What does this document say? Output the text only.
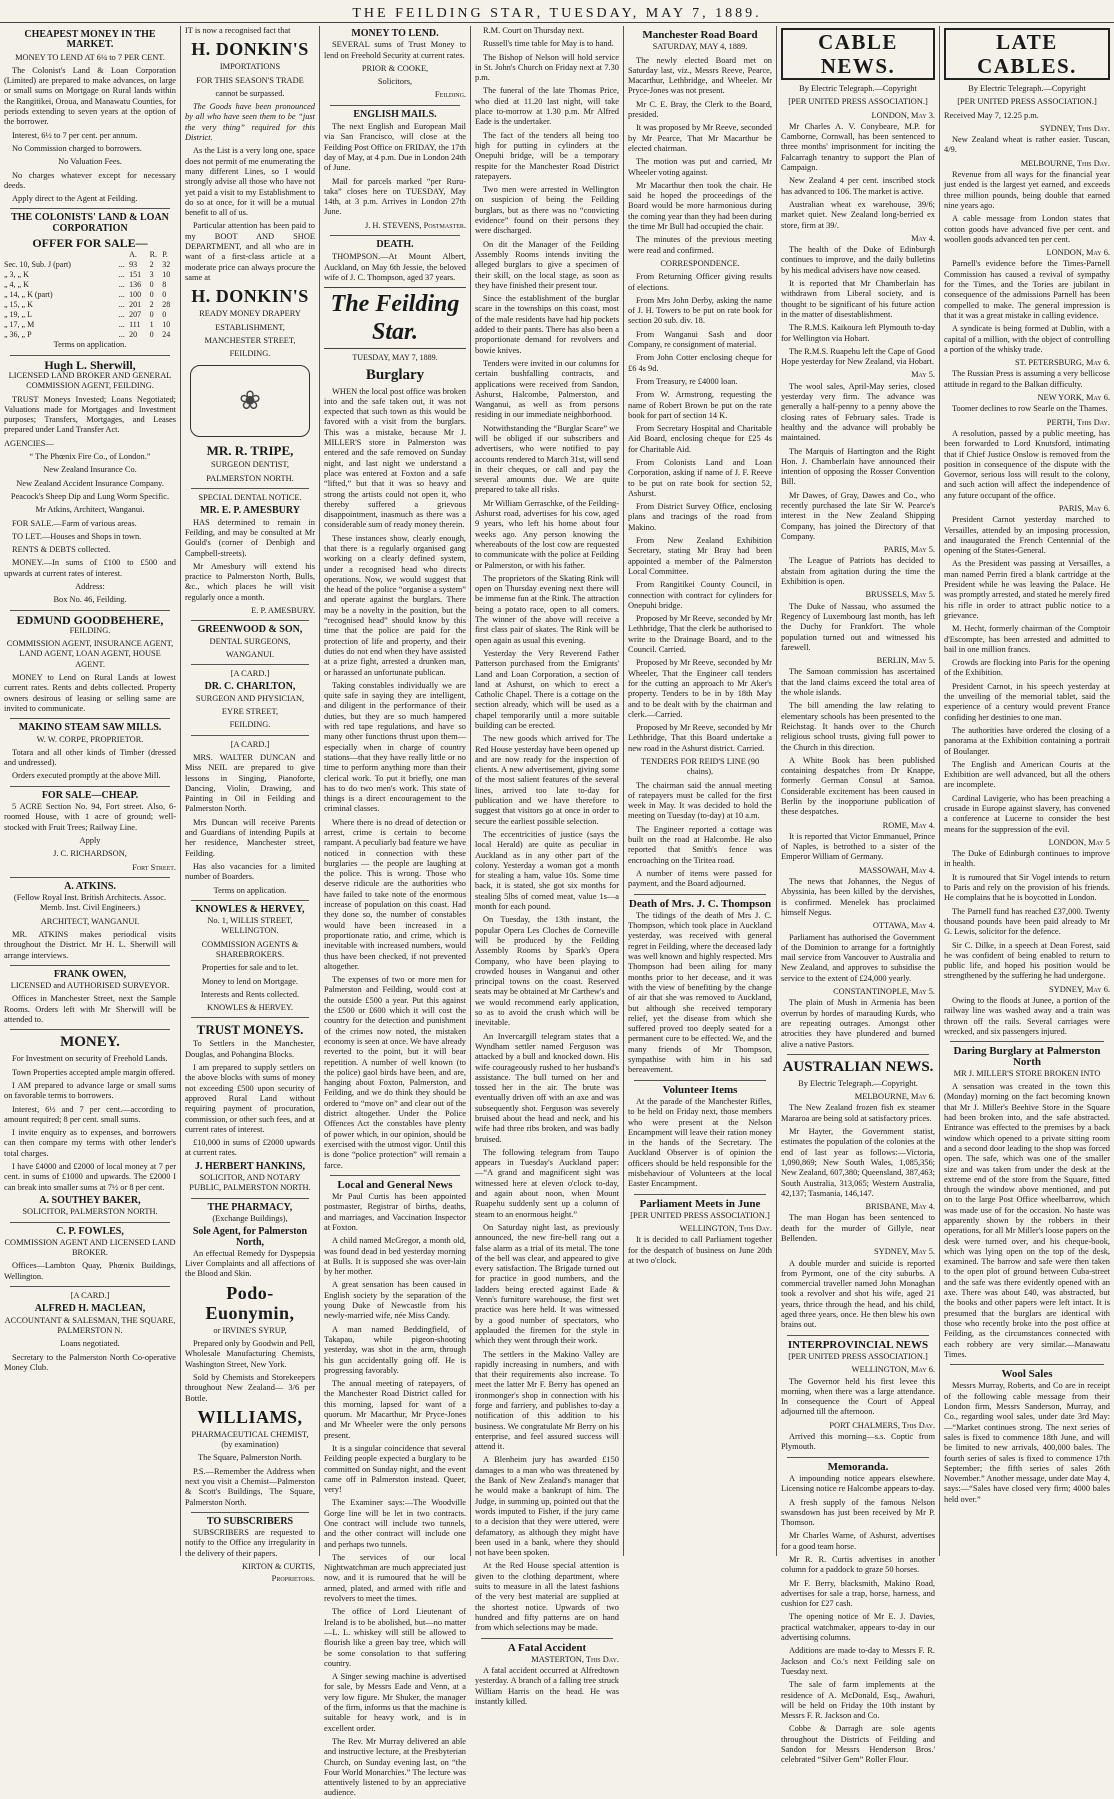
THE FEILDING STAR, TUESDAY, MAY 7, 1889.
CHEAPEST MONEY IN THE MARKET.

MONEY TO LEND AT 6¼ to 7 PER CENT.

The Colonist's Land & Loan Corporation (Limited) are prepared to make advances, on large or small sums on Mortgage on Rural lands within the Rangitikei, Oroua, and Manawatu Counties, for periods extending to seven years at the option of the borrower.

Interest, 6½ to 7 per cent. per annum.

No Commission charged to borrowers.

No Valuation Fees.

No charges whatever except for necessary deeds.

Apply direct to the Agent at Feilding.

THE COLONISTS' LAND & LOAN CORPORATION
OFFER FOR SALE—
		A.	R.	P.
Sec. 10, Sub. J (part)	...	93	2	32
„ 3, „ K	...	151	3	10
„ 4, „ K	...	136	0	8
„ 14, „ K (part)	...	100	0	0
„ 15, „ K	...	201	2	28
„ 19, „ L	...	207	0	0
„ 17, „ M	...	111	1	10
„ 36, „ P	...	20	0	24

Terms on application.

Hugh L. Sherwill,

LICENSED LAND BROKER AND GENERAL COMMISSION AGENT, FEILDING.

TRUST Moneys Invested; Loans Negotiated; Valuations made for Mortgages and Investment purposes; Transfers, Mortgages, and Leases prepared under Land Transfer Act.

AGENCIES—

“ The Phœnix Fire Co., of London.”

New Zealand Insurance Co.

New Zealand Accident Insurance Company.

Peacock's Sheep Dip and Lung Worm Specific.

Mr Atkins, Architect, Wanganui.

FOR SALE.—Farm of various areas.

TO LET.—Houses and Shops in town.

RENTS & DEBTS collected.

MONEY.—In sums of £100 to £500 and upwards at current rates of interest.

Address:

Box No. 46, Feilding.

EDMUND GOODBEHERE,

FEILDING.

COMMISSION AGENT, INSURANCE AGENT, LAND AGENT, LOAN AGENT, HOUSE AGENT.

MONEY to Lend on Rural Lands at lowest current rates. Rents and debts collected. Property owners desirous of leasing or selling same are invited to communicate.

MAKINO STEAM SAW MILLS.

W. W. CORPE, PROPRIETOR.

Totara and all other kinds of Timber (dressed and undressed).

Orders executed promptly at the above Mill.

FOR SALE—CHEAP.

5 ACRE Section No. 94, Fort street. Also, 6-roomed House, with 1 acre of ground; well-stocked with Fruit Trees; Railway Line.

Apply

J. C. RICHARDSON,

Fort Street.

A. ATKINS.

(Fellow Royal Inst. British Architects. Assoc. Memb. Inst. Civil Engineers.)

ARCHITECT, WANGANUI.

MR. ATKINS makes periodical visits throughout the District. Mr H. L. Sherwill will arrange interviews.

FRANK OWEN,

LICENSED and AUTHORISED SURVEYOR.

Offices in Manchester Street, next the Sample Rooms. Orders left with Mr Sherwill will be attended to.

MONEY.

For Investment on security of Freehold Lands.

Town Properties accepted ample margin offered.

I AM prepared to advance large or small sums on favorable terms to borrowers.

Interest, 6½ and 7 per cent.—according to amount required; 8 per cent. small sums.

I invite enquiry as to expenses, and borrowers can then compare my terms with other lender's total charges.

I have £4000 and £2000 of local money at 7 per cent. in sums of £1000 and upwards. The £2000 I can break into smaller sums at 7½ or 8 per cent.

A. SOUTHEY BAKER,

SOLICITOR, PALMERSTON NORTH.

C. P. FOWLES,

COMMISSION AGENT AND LICENSED LAND BROKER.

Offices—Lambton Quay, Phœnix Buildings, Wellington.

[A CARD.]

ALFRED H. MACLEAN,

ACCOUNTANT & SALESMAN, THE SQUARE, PALMERSTON N.

Loans negotiated.

Secretary to the Palmerston North Co-operative Money Club.

IT is now a recognised fact that

H. DONKIN'S

IMPORTATIONS

FOR THIS SEASON'S TRADE

cannot be surpassed.

The Goods have been pronounced by all who have seen them to be “just the very thing” required for this District.

As the List is a very long one, space does not permit of me enumerating the many different Lines, so I would strongly advise all those who have not yet paid a visit to my Establishment to do so at once, for it will be a mutual benefit to all of us.

Particular attention has been paid to my BOOT AND SHOE DEPARTMENT, and all who are in want of a first-class article at a moderate price can always procure the same at

H. DONKIN'S

READY MONEY DRAPERY

ESTABLISHMENT,

MANCHESTER STREET,

FEILDING.

❀
MR. R. TRIPE,

SURGEON DENTIST,

PALMERSTON NORTH.

SPECIAL DENTAL NOTICE.

MR. E. P. AMESBURY

HAS determined to remain in Feilding, and may be consulted at Mr Gould's (corner of Denbigh and Campbell-streets).

Mr Amesbury will extend his practice to Palmerston North, Bulls, &c., which places he will visit regularly once a month.

E. P. AMESBURY.

GREENWOOD & SON,

DENTAL SURGEONS,

WANGANUI.

[A CARD.]

DR. C. CHARLTON,

SURGEON AND PHYSICIAN,

EYRE STREET,

FEILDING.

[A CARD.]

MRS. WALTER DUNCAN and Miss NEIL are prepared to give lessons in Singing, Pianoforte, Dancing, Violin, Drawing, and Painting in Oil in Feilding and Palmerston North.

Mrs Duncan will receive Parents and Guardians of intending Pupils at her residence, Manchester street, Feilding.

Has also vacancies for a limited number of Boarders.

Terms on application.

KNOWLES & HERVEY,

No. 1, WILLIS STREET, WELLINGTON.

COMMISSION AGENTS & SHAREBROKERS.

Properties for sale and to let.

Money to lend on Mortgage.

Interests and Rents collected.

KNOWLES & HERVEY.

TRUST MONEYS.

To Settlers in the Manchester, Douglas, and Pohangina Blocks.

I am prepared to supply settlers on the above blocks with sums of money not exceeding £500 upon security of approved Rural Land without requiring payment of procuration, commission, or other such fees, and at current rates of interest.

£10,000 in sums of £2000 upwards at current rates.

J. HERBERT HANKINS,

SOLICITOR, AND NOTARY PUBLIC, PALMERSTON NORTH.

THE PHARMACY,

(Exchange Buildings),

Sole Agent, for Palmerston North,

An effectual Remedy for Dyspepsia Liver Complaints and all affections of the Blood and Skin.

Podo-Euonymin,

or IRVINE'S SYRUP,

Prepared only by Goodwin and Pell, Wholesale Manufacturing Chemists, Washington Street, New York.

Sold by Chemists and Storekeepers throughout New Zealand— 3/6 per Bottle.

WILLIAMS,

PHARMACEUTICAL CHEMIST, (by examination)

The Square, Palmerston North.

P.S.—Remember the Address when next you visit a Chemist—Palmerston & Scott's Buildings, The Square, Palmerston North.

TO SUBSCRIBERS

SUBSCRIBERS are requested to notify to the Office any irregularity in the delivery of their papers.

KIRTON & CURTIS,

Proprietors.

MONEY TO LEND.

SEVERAL sums of Trust Money to lend on Freehold Security at current rates.

PRIOR & COOKE,

Solicitors,

Feilding.

ENGLISH MAILS.

The next English and European Mail via San Francisco, will close at the Feilding Post Office on FRIDAY, the 17th day of May, at 4 p.m. Due in London 24th of June.

Mail for parcels marked “per Ruru-taka” closes here on TUESDAY, May 14th, at 3 p.m. Arrives in London 27th June.

J. H. STEVENS, Postmaster.

DEATH.

THOMPSON.—At Mount Albert, Auckland, on May 6th Jessie, the beloved wife of J. C. Thompson, aged 37 years.

The Feilding Star.
TUESDAY, MAY 7, 1889.
Burglary

WHEN the local post office was broken into and the safe taken out, it was not expected that such town as this would be favored with a visit from the burglars. This was a mistake, because Mr J. MILLER'S store in Palmerston was entered and the safe removed on Sunday night, and last night we understand a place was entered at Foxton and a safe “lifted,” but that it was so heavy and strong the artists could not open it, who thereby suffered a grievous disappointment, inasmuch as there was a considerable sum of ready money therein.

These instances show, clearly enough, that there is a regularly organised gang working on a clearly defined system, under a recognised head who directs operations. Now, we would suggest that the head of the police “organise a system” and operate against the burglars. There may be a novelty in the position, but the “recognised head” should know by this time that the police are paid for the protection of life and property, and their duties do not end when they have assisted at a prize fight, arrested a drunken man, or harassed an unfortunate publican.

Taking constables individually we are quite safe in saying they are intelligent, and diligent in the performance of their duties, but they are so much hampered with red tape regulations, and have so many other functions thrust upon them—especially when in charge of country stations—that they have really little or no time to perform anything more than their clerical work. To put it briefly, one man has to do two men's work. This state of things is a direct encouragement to the criminal classes.

Where there is no dread of detection or arrest, crime is certain to become rampant. A peculiarly bad feature we have noticed in connection with these burglaries — the people are laughing at the police. This is wrong. Those who deserve ridicule are the authorities who have failed to take note of the enormous increase of population on this coast. Had they done so, the number of constables would have been increased in a proportionate ratio, and crime, which is inevitable with increased numbers, would thus have been checked, if not prevented altogether.

The expenses of two or more men for Palmerston and Feilding, would cost at the outside £500 a year. Put this against the £500 or £600 which it will cost the country for the detection and punishment of the crimes now noted, the mistaken economy is seen at once. We have already reverted to the point, but it will bear repetition. A number of well known (to the police) gaol birds have been, and are, hanging about Foxton, Palmerston, and Feilding, and we do think they should be ordered to “move on” and clear out of the district altogether. Under the Police Offences Act the constables have plenty of power which, in our opinion, should be exercised with the utmost vigor. Until this is done “police protection” will remain a farce.

Local and General News

Mr Paul Curtis has been appointed postmaster, Registrar of births, deaths, and marriages, and Vaccination Inspector at Foxton.

A child named McGregor, a month old, was found dead in bed yesterday morning at Bulls. It is supposed she was over-lain by her mother.

A great sensation has been caused in English society by the separation of the young Duke of Newcastle from his newly-married wife, née Miss Candy.

A man named Beddingfield, of Takapau, while pigeon-shooting yesterday, was shot in the arm, through his gun accidentally going off. He is progressing favorably.

The annual meeting of ratepayers, of the Manchester Road District called for this morning, lapsed for want of a quorum. Mr Macarthur, Mr Pryce-Jones and Mr Wheeler were the only persons present.

It is a singular coincidence that several Feilding people expected a burglary to be committed on Sunday night, and the event came off in Palmerston instead. Queer, very!

The Examiner says:—The Woodville Gorge line will be let in two contracts. One contract will include two tunnels, and the other contract will include one and perhaps two tunnels.

The services of our local Nightwatchman are much appreciated just now, and it is rumoured that he will be armed, plated, and armed with rifle and revolvers to meet the times.

The office of Lord Lieutenant of Ireland is to be abolished, but—no matter—L. L. whiskey will still be allowed to flourish like a green bay tree, which will be some consolation to that suffering country.

A Singer sewing machine is advertised for sale, by Messrs Eade and Venn, at a very low figure. Mr Shuker, the manager of the firm, informs us that the machine is suitable for heavy work, and is in excellent order.

The Rev. Mr Murray delivered an able and instructive lecture, at the Presbyterian Church, on Sunday evening last, on “the Four World Monarchies.” The lecture was attentively listened to by an appreciative audience.

R.M. Court on Thursday next.

Russell's time table for May is to hand.

The Bishop of Nelson will hold service in St. John's Church on Friday next at 7.30 p.m.

The funeral of the late Thomas Price, who died at 11.20 last night, will take place to-morrow at 1.30 p.m. Mr Alfred Eade is the undertaker.

The fact of the tenders all being too high for putting in cylinders at the Onepuhi bridge, will be a temporary respite for the Manchester Road District ratepayers.

Two men were arrested in Wellington on suspicion of being the Feilding burglars, but as there was no “convicting evidence” found on their persons they were discharged.

On dit the Manager of the Feilding Assembly Rooms intends inviting the alleged burglars to give a specimen of their skill, on the local stage, as soon as they have finished their present tour.

Since the establishment of the burglar scare in the townships on this coast, most of the male residents have had hip pockets added to their pants. There has also been a proportionate demand for revolvers and bowie knives.

Tenders were invited in our columns for certain bushfalling contracts, and applications were received from Sandon, Ashurst, Halcombe, Palmerston, and Wanganui, as well as from persons residing in our immediate neighborhood.

Notwithstanding the “Burglar Scare” we will be obliged if our subscribers and advertisers, who were notified to pay accounts rendered to March 31st, will send in their cheques, or call and pay the several amounts due. We are quite prepared to take all risks.

Mr William Gerraschke, of the Feilding-Ashurst road, advertises for his cow, aged 9 years, who left his home about four weeks ago. Any person knowing the whereabouts of the lost cow are requested to communicate with the police at Feilding or Palmerston, or with his father.

The proprietors of the Skating Rink will open on Thursday evening next there will be immense fun at the Rink. The attraction being a potato race, open to all comers. The winner of the above will receive a first class pair of skates. The Rink will be open again as usual this evening.

Yesterday the Very Reverend Father Patterson purchased from the Emigrants' Land and Loan Corporation, a section of land at Ashurst, on which to erect a Catholic Chapel. There is a cottage on the section already, which will be used as a chapel temporarily until a more suitable building can be erected.

The new goods which arrived for The Red House yesterday have been opened up and are now ready for the inspection of clients. A new advertisement, giving some of the most salient features of the several lines, arrived too late to-day for publication and we have therefore to suggest that visitors go at once in order to secure the earliest possible selection.

The eccentricities of justice (says the local Herald) are quite as peculiar in Auckland as in any other part of the colony. Yesterday a woman got a month for stealing a ham, value 10s. Some time back, it is stated, she got six months for stealing 5lbs of corned meat, value 1s—a month for each pound.

On Tuesday, the 13th instant, the popular Opera Les Cloches de Corneville will be produced by the Feilding Assembly Rooms by Spark's Opera Company, who have been playing to crowded houses in Wanganui and other principal towns on the coast. Reserved seats may be obtained at Mr Carthew's and we would recommend early application, so as to avoid the crush which will be inevitable.

An Invercargill telegram states that a Wyndham settler named Ferguson was attacked by a bull and knocked down. His wife courageously rushed to her husband's assistance. The bull turned on her and tossed her in the air. The brute was eventually driven off with an axe and was subsequently shot. Ferguson was severely bruised about the head and neck, and his wife had three ribs broken, and was badly bruised.

The following telegram from Taupo appears in Tuesday's Auckland paper:—“A grand and magnificent sight was witnessed here at eleven o'clock to-day, and again about noon, when Mount Ruapehu suddenly sent up a column of steam to an enormous height.”

On Saturday night last, as previously announced, the new fire-bell rang out a false alarm as a trial of its metal. The tone of the bell was clear, and appeared to give every satisfaction. The Brigade turned out for practice in good numbers, and the ladders being erected against Eade & Venn's furniture warehouse, the first wet practice was here held. It was witnessed by a good number of spectators, who applauded the firemen for the style in which they went through their work.

The settlers in the Makino Valley are rapidly increasing in numbers, and with that their requirements also increase. To meet the latter Mr F. Berry has opened an ironmonger's shop in connection with his forge and farriery, and publishes to-day a notification of this addition to his business. We congratulate Mr Berry on his enterprise, and feel assured success will attend it.

A Blenheim jury has awarded £150 damages to a man who was threatened by the Bank of New Zealand's manager that he would make a bankrupt of him. The Judge, in summing up, pointed out that the words imputed to Fisher, if the jury came to a decision that they were uttered, were defamatory, as although they might have been used in a bank, where they should not have been spoken.

At the Red House special attention is given to the clothing department, where suits to measure in all the latest fashions of the very best material are supplied at the shortest notice. Upwards of two hundred and fifty patterns are on hand from which selections may be made.

A Fatal Accident

MASTERTON, This Day.

A fatal accident occurred at Alfredtown yesterday. A branch of a falling tree struck William Harris on the head. He was instantly killed.

Manchester Road Board

SATURDAY, MAY 4, 1889.

The newly elected Board met on Saturday last, viz., Messrs Reeve, Pearce, Macarthur, Lethbridge, and Wheeler. Mr Pryce-Jones was not present.

Mr C. E. Bray, the Clerk to the Board, presided.

It was proposed by Mr Reeve, seconded by Mr Pearce, That Mr Macarthur be elected chairman.

The motion was put and carried, Mr Wheeler voting against.

Mr Macarthur then took the chair. He said he hoped the proceedings of the Board would be more harmonious during the coming year than they had been during the time Mr Bull had occupied the chair.

The minutes of the previous meeting were read and confirmed.

CORRESPONDENCE.

From Returning Officer giving results of elections.

From Mrs John Derby, asking the name of J. H. Towers to be put on rate book for section 20 sub. div. 18.

From Wanganui Sash and door Company, re consignment of material.

From John Cotter enclosing cheque for £6 4s 9d.

From Treasury, re £4000 loan.

From W. Armstrong, requesting the name of Robert Brown be put on the rate book for part of section 14 K.

From Secretary Hospital and Charitable Aid Board, enclosing cheque for £25 4s for Charitable Aid.

From Colonists Land and Loan Corporation, asking if name of J. F. Reeve to be put on rate book for section 52, Ashurst.

From District Survey Office, enclosing plans and tracings of the road from Makino.

From New Zealand Exhibition Secretary, stating Mr Bray had been appointed a member of the Palmerston Local Committee.

From Rangitikei County Council, in connection with contract for cylinders for Onepuhi bridge.

Proposed by Mr Reeve, seconded by Mr Lethbridge, That the clerk be authorised to write to the Drainage Board, and to the Council. Carried.

Proposed by Mr Reeve, seconded by Mr Wheeler, That the Engineer call tenders for the cutting an approach to Mr Aker's property. Tenders to be in by 18th May and to be dealt with by the chairman and clerk.—Carried.

Proposed by Mr Reeve, seconded by Mr Lethbridge, That this Board undertake a new road in the Ashurst district. Carried.

TENDERS FOR REID'S LINE (90 chains).

The chairman said the annual meeting of ratepayers must be called for the first week in May. It was decided to hold the meeting on Tuesday (to-day) at 10 a.m.

The Engineer reported a cottage was built on the road at Halcombe. He also reported that Smith's fence was encroaching on the Tiritea road.

A number of items were passed for payment, and the Board adjourned.

Death of Mrs. J. C. Thompson

The tidings of the death of Mrs J. C. Thompson, which took place in Auckland yesterday, was received with general regret in Feilding, where the deceased lady was well known and highly respected. Mrs Thompson had been ailing for many months prior to her decease, and it was with the view of benefiting by the change of air that she was removed to Auckland, but although she received temporary relief, yet the disease from which she suffered proved too deeply seated for a permanent cure to be effected. We, and the many friends of Mr Thompson, sympathise with him in his sad bereavement.

Volunteer Items

At the parade of the Manchester Rifles, to be held on Friday next, those members who were present at the Nelson Encampment will leave their ration money in the hands of the Secretary. The Auckland Observer is of opinion the officers should be held responsible for the misbehaviour of Volunteers at the local Easter Encampment.

Parliament Meets in June

[PER UNITED PRESS ASSOCIATION.]

WELLINGTON, This Day.

It is decided to call Parliament together for the despatch of business on June 20th at two o'clock.

CABLE NEWS.

By Electric Telegraph.—Copyright

[PER UNITED PRESS ASSOCIATION.]

LONDON, May 3.

Mr Charles A. V. Conybeare, M.P. for Camborne, Cornwall, has been sentenced to three months' imprisonment for inciting the Falcarragh tenantry to support the Plan of Campaign.

New Zealand 4 per cent. inscribed stock has advanced to 106. The market is active.

Australian wheat ex warehouse, 39/6; market quiet. New Zealand long-berried ex store, firm at 39/.

May 4.

The health of the Duke of Edinburgh continues to improve, and the daily bulletins by his medical advisers have now ceased.

It is reported that Mr Chamberlain has withdrawn from Liberal society, and is thought to be significant of his future action in the matter of disestablishment.

The R.M.S. Kaikoura left Plymouth to-day for Wellington via Hobart.

The R.M.S. Ruapehu left the Cape of Good Hope yesterday for New Zealand, via Hobart.

May 5.

The wool sales, April-May series, closed yesterday very firm. The advance was generally a half-penny to a penny above the closing rates of February sales. Trade is healthy and the advance will probably be maintained.

The Marquis of Hartington and the Right Hon. J. Chamberlain have announced their intention of opposing the Rosser Convention Bill.

Mr Dawes, of Gray, Dawes and Co., who recently purchased the late Sir W. Pearce's interest in the New Zealand Shipping Company, has joined the Directory of that Company.

PARIS, May 5.

The League of Patriots has decided to abstain from agitation during the time the Exhibition is open.

BRUSSELS, May 5.

The Duke of Nassau, who assumed the Regency of Luxembourg last month, has left the Duchy for Frankfort. The whole population turned out and witnessed his farewell.

BERLIN, May 5.

The Samoan commission has ascertained that the land claims exceed the total area of the whole islands.

The bill amending the law relating to elementary schools has been presented to the Reichstag. It hands over to the Church religious school trusts, giving full power to the Church in this direction.

A White Book has been published containing despatches from Dr Knappe, formerly German Consul at Samoa. Considerable excitement has been caused in Berlin by the inopportune publication of these despatches.

ROME, May 4.

It is reported that Victor Emmanuel, Prince of Naples, is betrothed to a sister of the Emperor William of Germany.

MASSOWAH, May 4.

The news that Johannes, the Negus of Abyssinia, has been killed by the dervishes, is confirmed. Menelek has proclaimed himself Negus.

OTTAWA, May 4.

Parliament has authorised the Government of the Dominion to arrange for a fortnightly mail service from Vancouver to Australia and New Zealand, and approves to subsidise the service to the extent of £24,000 yearly.

CONSTANTINOPLE, May 5.

The plain of Mush in Armenia has been overrun by hordes of marauding Kurds, who are repeating outrages. Amongst other atrocities they have plundered and burned alive a native Pastors.

AUSTRALIAN NEWS.

By Electric Telegraph.—Copyright.

MELBOURNE, May 6.

The New Zealand frozen fish ex steamer Mararoa are being sold at satisfactory prices.

Mr Hayter, the Government statist, estimates the population of the colonies at the end of last year as follows:—Victoria, 1,090,869; New South Wales, 1,085,356; New Zealand, 607,380; Queensland, 387,463; South Australia, 313,065; Western Australia, 42,137; Tasmania, 146,147.

BRISBANE, May 4.

The man Hogan has been sentenced to death for the murder of Gillyle, near Bellenden.

SYDNEY, May 5.

A double murder and suicide is reported from Pyrmont, one of the city suburbs. A commercial traveller named John Monaghan took a revolver and shot his wife, aged 21 years, thrice through the head, and his child, aged three years, once. He then blew his own brains out.

INTERPROVINCIAL NEWS

[PER UNITED PRESS ASSOCIATION.]

WELLINGTON, May 6.

The Governor held his first levee this morning, when there was a large attendance. In consequence the Court of Appeal adjourned till the afternoon.

PORT CHALMERS, This Day.

Arrived this morning—s.s. Coptic from Plymouth.

Memoranda.

A impounding notice appears elsewhere. Licensing notice re Halcombe appears to-day.

A fresh supply of the famous Nelson swansdown has just been received by Mr P. Thomson.

Mr Charles Warne, of Ashurst, advertises for a good team horse.

Mr R. R. Curtis advertises in another column for a paddock to graze 50 horses.

Mr F. Berry, blacksmith, Makino Road, advertises for sale a trap, horse, harness, and cushion for £27 cash.

The opening notice of Mr E. J. Davies, practical watchmaker, appears to-day in our advertising columns.

Additions are made to-day to Messrs F. R. Jackson and Co.'s next Feilding sale on Tuesday next.

The sale of farm implements at the residence of A. McDonald, Esq., Awahuri, will be held on Friday the 10th instant by Messrs F. R. Jackson and Co.

Cobbe & Darragh are sole agents throughout the Districts of Feilding and Sandon for Messrs Henderson Bros.' celebrated “Silver Gem” Roller Flour.

LATE CABLES.

By Electric Telegraph.—Copyright

[PER UNITED PRESS ASSOCIATION.]

Received May 7, 12.25 p.m.

SYDNEY, This Day.

New Zealand wheat is rather easier. Tuscan, 4/9.

MELBOURNE, This Day.

Revenue from all ways for the financial year just ended is the largest yet earned, and exceeds three million pounds, being double that earned nine years ago.

A cable message from London states that cotton goods have advanced five per cent. and woollen goods advanced ten per cent.

LONDON, May 6.

Parnell's evidence before the Times-Parnell Commission has caused a revival of sympathy for the Times, and the Tories are jubilant in consequence of the admissions Parnell has been compelled to make. The general impression is that it was a great mistake in calling evidence.

A syndicate is being formed at Dublin, with a capital of a million, with the object of controlling a portion of the whisky trade.

ST. PETERSBURG, May 6.

The Russian Press is assuming a very bellicose attitude in regard to the Balkan difficulty.

NEW YORK, May 6.

Toomer declines to row Searle on the Thames.

PERTH, This Day.

A resolution, passed by a public meeting, has been forwarded to Lord Knutsford, intimating that if Chief Justice Onslow is removed from the position in consequence of the dispute with the Governor, serious loss will result to the colony, and such action will affect the independence of any future occupant of the office.

PARIS, May 6.

President Carnot yesterday marched to Versailles, attended by an imposing procession, and inaugurated the French Centennial of the opening of the States-General.

As the President was passing at Versailles, a man named Perrin fired a blank cartridge at the President while he was leaving the Palace. He was promptly arrested, and stated he merely fired his rifle in order to attract public notice to a grievance.

M. Hecht, formerly chairman of the Comptoir d'Escompte, has been arrested and admitted to bail in one million francs.

Crowds are flocking into Paris for the opening of the Exhibition.

President Carnot, in his speech yesterday at the unveiling of the memorial tablet, said the experience of a century would prevent France confiding her destinies to one man.

The authorities have ordered the closing of a panorama at the Exhibition containing a portrait of Boulanger.

The English and American Courts at the Exhibition are well advanced, but all the others are incomplete.

Cardinal Lavigerie, who has been preaching a crusade in Europe against slavery, has convened a conference at Lucerne to consider the best means for the suppression of the evil.

LONDON, May 5

The Duke of Edinburgh continues to improve in health.

It is rumoured that Sir Vogel intends to return to Paris and rely on the provision of his friends. He complains that he is boycotted in London.

The Parnell fund has reached £37,000. Twenty thousand pounds have been paid already to Mr G. Lewis, solicitor for the defence.

Sir C. Dilke, in a speech at Dean Forest, said he was confident of being enabled to return to public life, and hoped his position would be strengthened by the suffering he had undergone.

SYDNEY, May 6.

Owing to the floods at Junee, a portion of the railway line was washed away and a train was thrown off the rails. Several carriages were wrecked, and six passengers injured.

Daring Burglary at Palmerston North

MR J. MILLER'S STORE BROKEN INTO

A sensation was created in the town this (Monday) morning on the fact becoming known that Mr J. Miller's Beehive Store in the Square had been broken into, and the safe abstracted. Entrance was effected to the premises by a back window which opened to a private sitting room and a second door leading to the shop was forced open. The safe, which was one of the smaller size and was taken from under the desk at the extreme end of the store from the Square, fitted through the window above mentioned, and put on to the large Post Office wheelbarrow, which was made use of for the occasion. No haste was apparently shown by the robbers in their operations, for all Mr Miller's loose papers on the desk were turned over, and his cheque-book, which was lying open on the top of the desk, examined. The barrow and safe were then taken to the open plot of ground between Cuba-street and the safe was there evidently opened with an axe. There was about £40, was abstracted, but the books and other papers were left intact. It is presumed that the burglars are identical with those who recently broke into the post office at Feilding, as the circumstances connected with each robbery are very similar.—Manawatu Times.

Wool Sales

Messrs Murray, Roberts, and Co are in receipt of the following cable message from their London firm, Messrs Sanderson, Murray, and Co., regarding wool sales, under date 3rd May:—“Market continues strong. The next series of sales is fixed to commence 18th June, and will be limited to new arrivals, 400,000 bales. The fourth series of sales is fixed to commence 17th September; the fifth series of sales 26th November.” Another message, under date May 4, says:—“Sales have closed very firm; 4000 bales held over.”
